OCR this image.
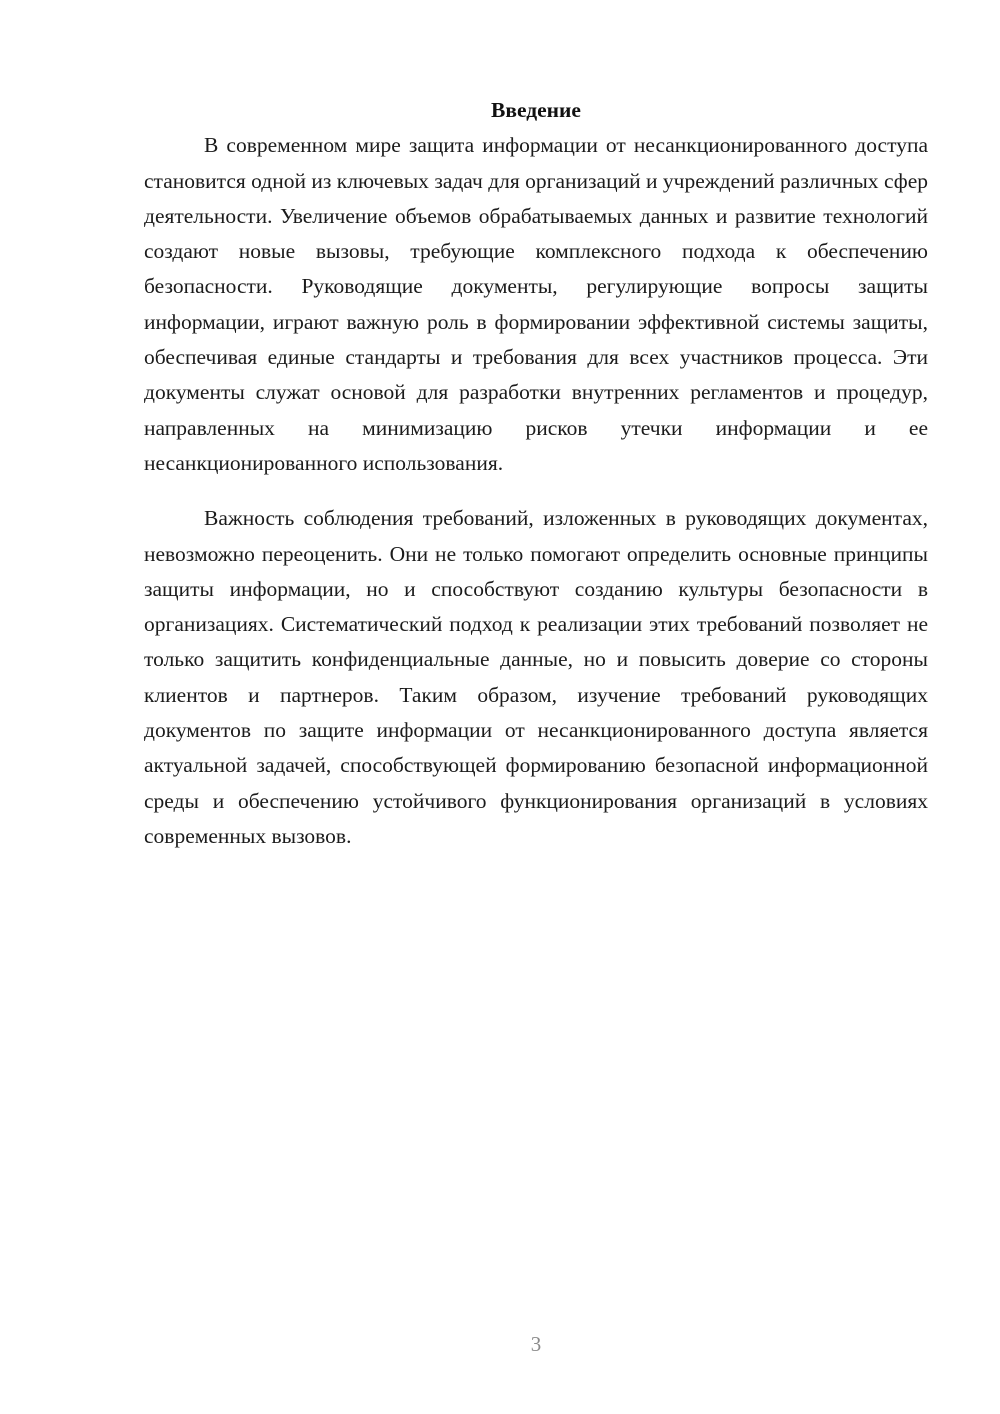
Введение

В современном мире защита информации от несанкционированного доступа становится одной из ключевых задач для организаций и учреждений различных сфер деятельности. Увеличение объемов обрабатываемых данных и развитие технологий создают новые вызовы, требующие комплексного подхода к обеспечению безопасности. Руководящие документы, регулирующие вопросы защиты информации, играют важную роль в формировании эффективной системы защиты, обеспечивая единые стандарты и требования для всех участников процесса. Эти документы служат основой для разработки внутренних регламентов и процедур, направленных на минимизацию рисков утечки информации и ее несанкционированного использования.

Важность соблюдения требований, изложенных в руководящих документах, невозможно переоценить. Они не только помогают определить основные принципы защиты информации, но и способствуют созданию культуры безопасности в организациях. Систематический подход к реализации этих требований позволяет не только защитить конфиденциальные данные, но и повысить доверие со стороны клиентов и партнеров. Таким образом, изучение требований руководящих документов по защите информации от несанкционированного доступа является актуальной задачей, способствующей формированию безопасной информационной среды и обеспечению устойчивого функционирования организаций в условиях современных вызовов.

3
